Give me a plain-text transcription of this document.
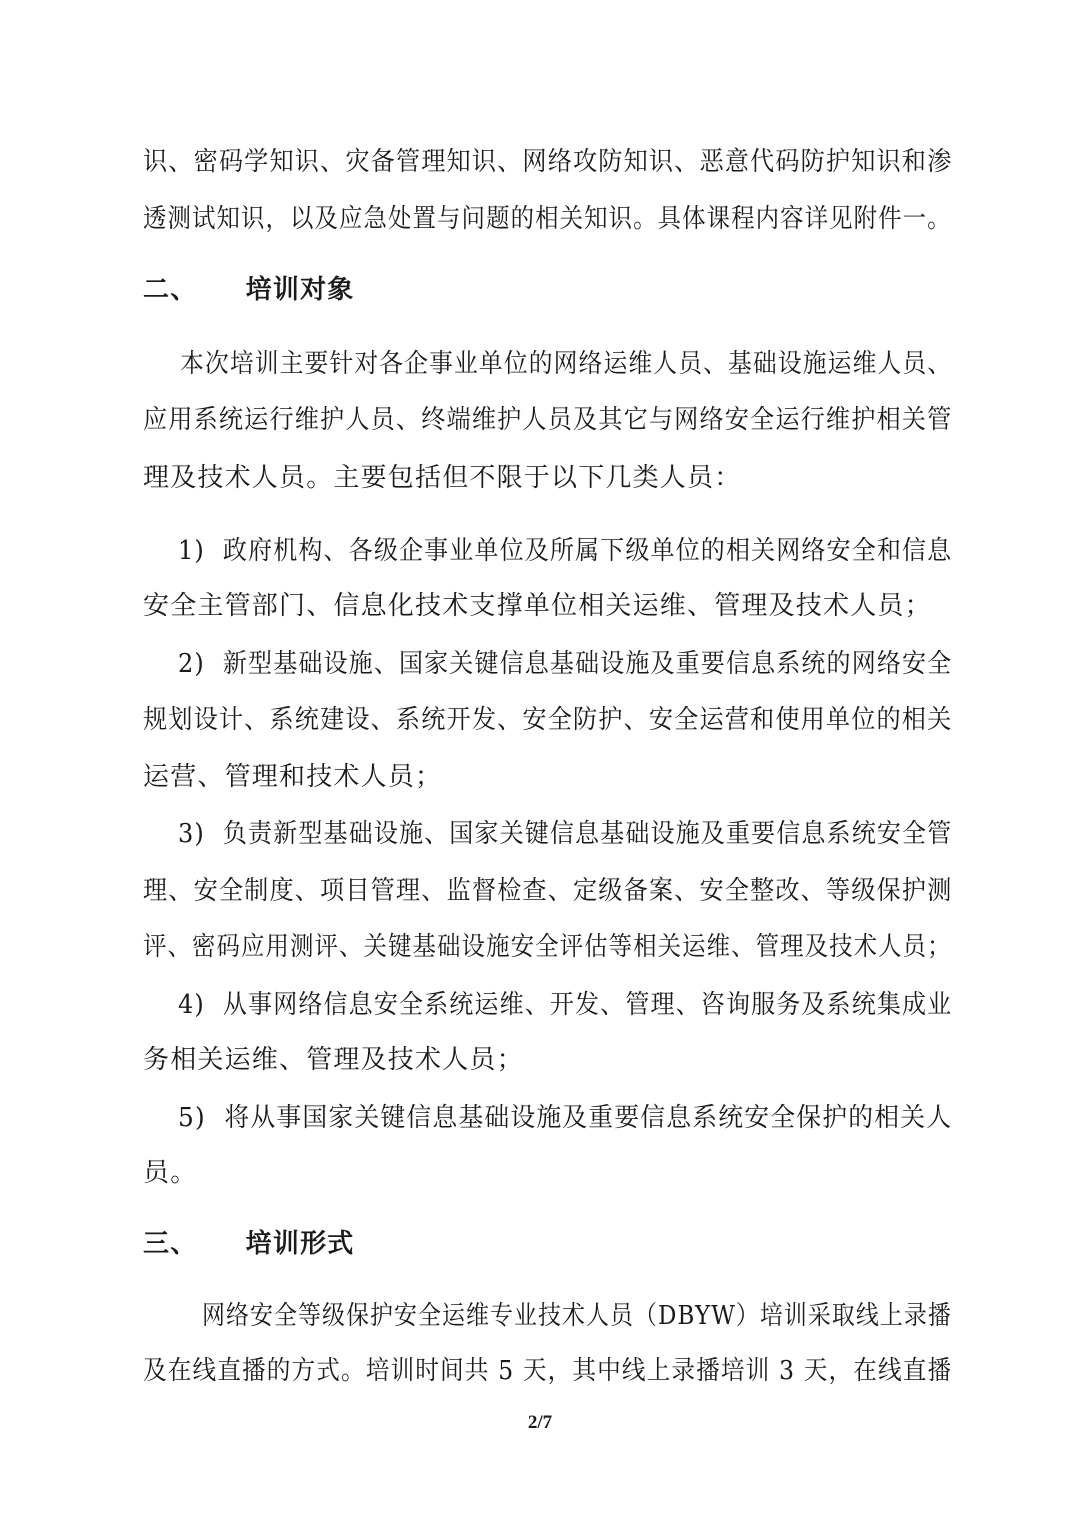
识、密码学知识、灾备管理知识、网络攻防知识、恶意代码防护知识和渗
透测试知识，以及应急处置与问题的相关知识。具体课程内容详见附件一。
二、 培训对象
本次培训主要针对各企事业单位的网络运维人员、基础设施运维人员、
应用系统运行维护人员、终端维护人员及其它与网络安全运行维护相关管
理及技术人员。主要包括但不限于以下几类人员：
1) 政府机构、各级企事业单位及所属下级单位的相关网络安全和信息
安全主管部门、信息化技术支撑单位相关运维、管理及技术人员；
2) 新型基础设施、国家关键信息基础设施及重要信息系统的网络安全
规划设计、系统建设、系统开发、安全防护、安全运营和使用单位的相关
运营、管理和技术人员；
3) 负责新型基础设施、国家关键信息基础设施及重要信息系统安全管
理、安全制度、项目管理、监督检查、定级备案、安全整改、等级保护测
评、密码应用测评、关键基础设施安全评估等相关运维、管理及技术人员；
4) 从事网络信息安全系统运维、开发、管理、咨询服务及系统集成业
务相关运维、管理及技术人员；
5) 将从事国家关键信息基础设施及重要信息系统安全保护的相关人
员。
三、 培训形式
网络安全等级保护安全运维专业技术人员（DBYW）培训采取线上录播
及在线直播的方式。培训时间共 5 天，其中线上录播培训 3 天，在线直播
2/7
